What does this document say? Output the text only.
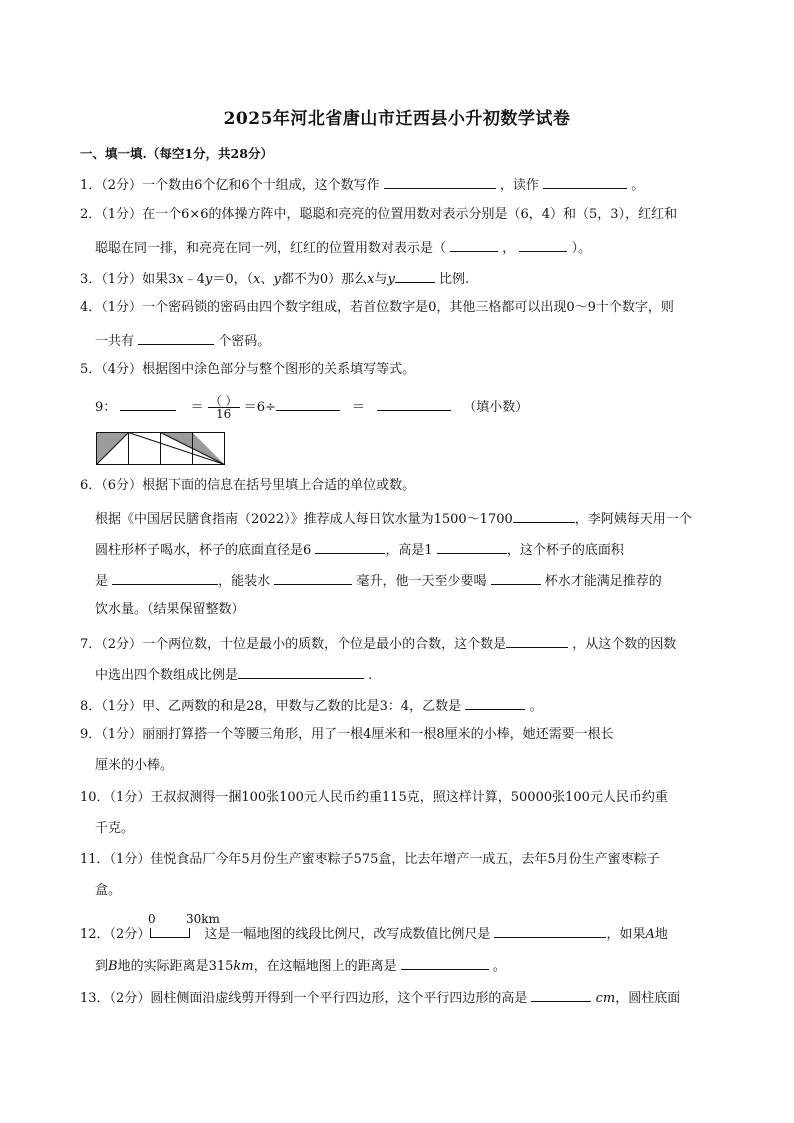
2025年河北省唐山市迁西县小升初数学试卷
一、填一填.（每空1分，共28分）
1．（2分）一个数由6个亿和6个十组成，这个数写作	，读作	。
2．（1分）在一个6×6的体操方阵中，聪聪和亮亮的位置用数对表示分别是（6，4）和（5，3），红红和
聪聪在同一排，和亮亮在同一列，红红的位置用数对表示是（	，	）。
3．（1分）如果3x﹣4y＝0，（x、y都不为0）那么x与y	比例.
4．（1分）一个密码锁的密码由四个数字组成，若首位数字是0，其他三格都可以出现0～9十个数字，则
一共有	个密码。
5．（4分）根据图中涂色部分与整个图形的关系填写等式。
9：	＝ $\frac{( )}{16} =6\div$	＝	（填小数）
6．（6分）根据下面的信息在括号里填上合适的单位或数。
根据《中国居民膳食指南（2022）》推荐成人每日饮水量为1500～1700	，李阿姨每天用一个
圆柱形杯子喝水，杯子的底面直径是6	，高是1	，这个杯子的底面积
是	，能装水	毫升，他一天至少要喝	杯水才能满足推荐的
饮水量。（结果保留整数）
7．（2分）一个两位数，十位是最小的质数，个位是最小的合数，这个数是	，从这个数的因数
中选出四个数组成比例是	.
8．（1分）甲、乙两数的和是28，甲数与乙数的比是3：4，乙数是	。
9．（1分）丽丽打算搭一个等腰三角形，用了一根4厘米和一根8厘米的小棒，她还需要一根长
厘米的小棒。
10．（1分）王叔叔测得一捆100张100元人民币约重115克，照这样计算，50000张100元人民币约重
千克。
11．（1分）佳悦食品厂今年5月份生产蜜枣粽子575盒，比去年增产一成五，去年5月份生产蜜枣粽子
盒。
0	30km
12．（2分）	这是一幅地图的线段比例尺，改写成数值比例尺是	，如果A地
到B地的实际距离是315km，在这幅地图上的距离是	。
13．（2分）圆柱侧面沿虚线剪开得到一个平行四边形，这个平行四边形的高是	cm，圆柱底面
